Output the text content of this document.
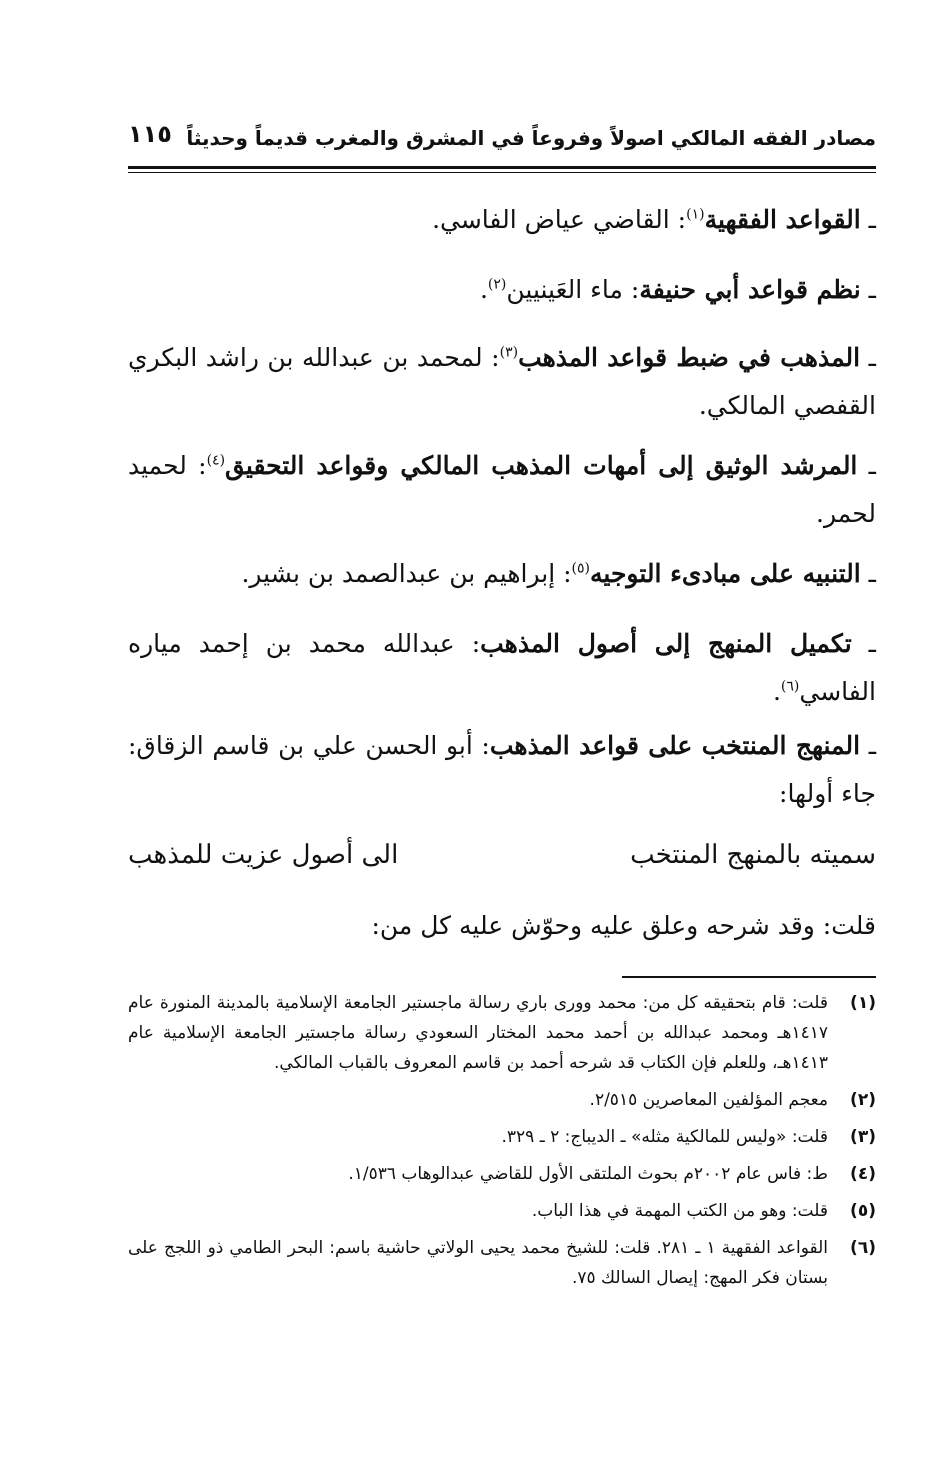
مصادر الفقه المالكي اصولاً وفروعاً في المشرق والمغرب قديماً وحديثاً
١١٥
ـ القواعد الفقهية$^{(١)}$: القاضي عياض الفاسي.
ـ نظم قواعد أبي حنيفة: ماء العَينيين$^{(٢)}$.
ـ المذهب في ضبط قواعد المذهب$^{(٣)}$: لمحمد بن عبدالله بن راشد البكري القفصي المالكي.
ـ المرشد الوثيق إلى أمهات المذهب المالكي وقواعد التحقيق$^{(٤)}$: لحميد لحمر.
ـ التنبيه على مبادىء التوجيه$^{(٥)}$: إبراهيم بن عبدالصمد بن بشير.
ـ تكميل المنهج إلى أصول المذهب: عبدالله محمد بن إحمد مياره الفاسي$^{(٦)}$.
ـ المنهج المنتخب على قواعد المذهب: أبو الحسن علي بن قاسم الزقاق: جاء أولها:
سميته بالمنهج المنتخب
الى أصول عزيت للمذهب
قلت: وقد شرحه وعلق عليه وحوّش عليه كل من:
(١)
قلت: قام بتحقيقه كل من: محمد وورى باري رسالة ماجستير الجامعة الإسلامية بالمدينة المنورة عام ١٤١٧هـ ومحمد عبدالله بن أحمد محمد المختار السعودي رسالة ماجستير الجامعة الإسلامية عام ١٤١٣هـ، وللعلم فإن الكتاب قد شرحه أحمد بن قاسم المعروف بالقباب المالكي.
(٢)
معجم المؤلفين المعاصرين ٢/٥١٥.
(٣)
قلت: «وليس للمالكية مثله» ـ الديباج: ٢ ـ ٣٢٩.
(٤)
ط: فاس عام ٢٠٠٢م بحوث الملتقى الأول للقاضي عبدالوهاب ١/٥٣٦.
(٥)
قلت: وهو من الكتب المهمة في هذا الباب.
(٦)
القواعد الفقهية ١ ـ ٢٨١. قلت: للشيخ محمد يحيى الولاتي حاشية باسم: البحر الطامي ذو اللجج على بستان فكر المهج: إيصال السالك ٧٥.
